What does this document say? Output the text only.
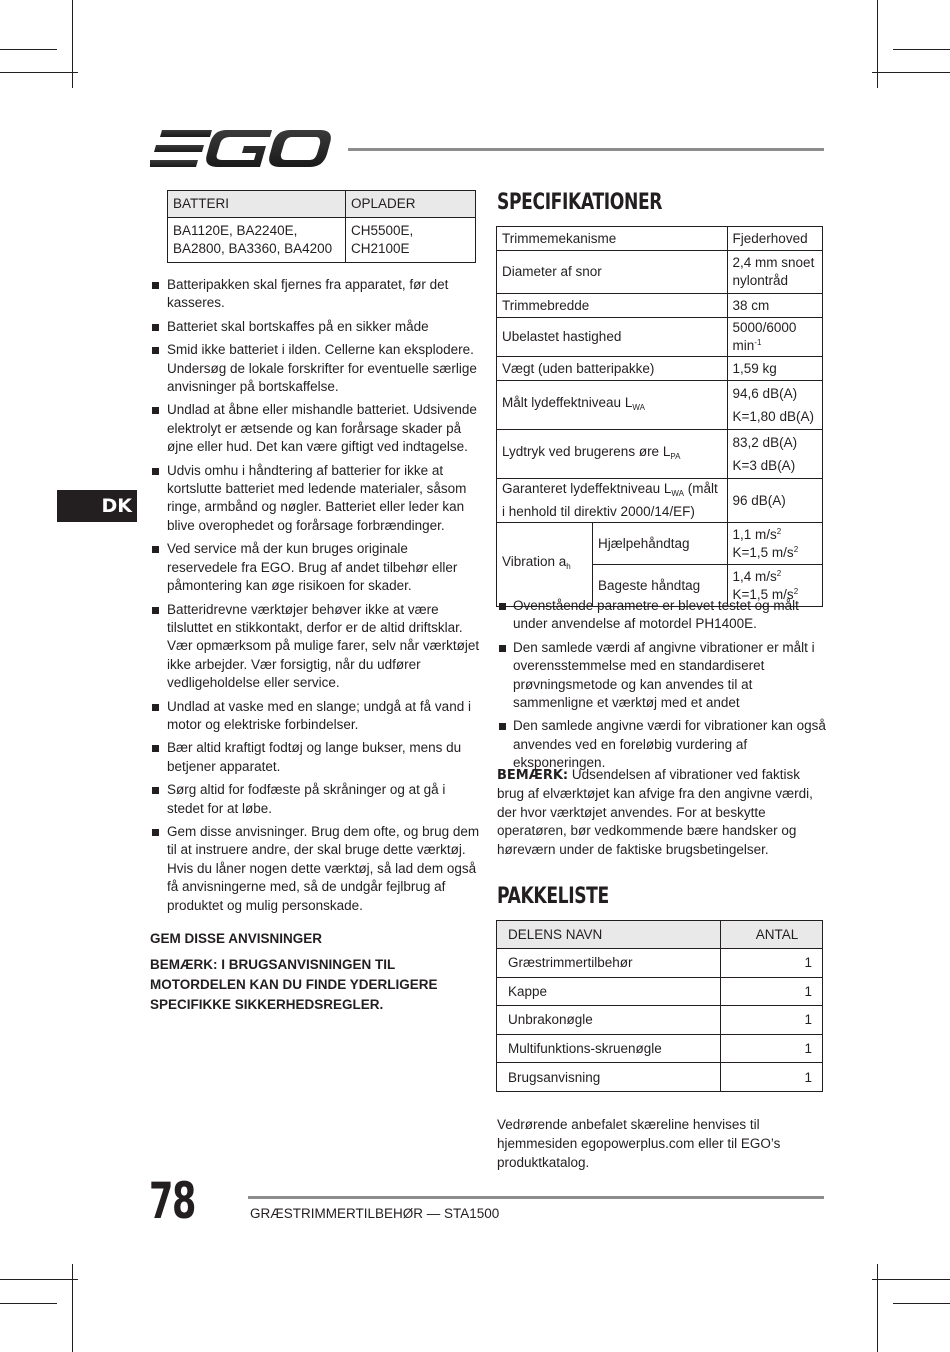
DK
BATTERI	OPLADER
BA1120E, BA2240E, BA2800, BA3360, BA4200	CH5500E, CH2100E
Batteripakken skal fjernes fra apparatet, før det kasseres.
Batteriet skal bortskaffes på en sikker måde
Smid ikke batteriet i ilden. Cellerne kan eksplodere. Undersøg de lokale forskrifter for eventuelle særlige anvisninger på bortskaffelse.
Undlad at åbne eller mishandle batteriet. Udsivende elektrolyt er ætsende og kan forårsage skader på øjne eller hud. Det kan være giftigt ved indtagelse.
Udvis omhu i håndtering af batterier for ikke at kortslutte batteriet med ledende materialer, såsom ringe, armbånd og nøgler. Batteriet eller leder kan blive overophedet og forårsage forbrændinger.
Ved service må der kun bruges originale reservedele fra EGO. Brug af andet tilbehør eller påmontering kan øge risikoen for skader.
Batteridrevne værktøjer behøver ikke at være tilsluttet en stikkontakt, derfor er de altid driftsklar. Vær opmærksom på mulige farer, selv når værktøjet ikke arbejder. Vær forsigtig, når du udfører vedligeholdelse eller service.
Undlad at vaske med en slange; undgå at få vand i motor og elektriske forbindelser.
Bær altid kraftigt fodtøj og lange bukser, mens du betjener apparatet.
Sørg altid for fodfæste på skråninger og at gå i stedet for at løbe.
Gem disse anvisninger. Brug dem ofte, og brug dem til at instruere andre, der skal bruge dette værktøj. Hvis du låner nogen dette værktøj, så lad dem også få anvisningerne med, så de undgår fejlbrug af produktet og mulig personskade.
GEM DISSE ANVISNINGER
BEMÆRK: I BRUGSANVISNINGEN TIL MOTORDELEN KAN DU FINDE YDERLIGERE SPECIFIKKE SIKKERHEDSREGLER.
SPECIFIKATIONER
Trimmemekanisme		Fjederhoved
Diameter af snor		2,4 mm snoet nylontråd
Trimmebredde		38 cm
Ubelastet hastighed		5000/6000 $\min^{-1}$
Vægt (uden batteripakke)		1,59 kg
Målt lydeffektniveau $L_{WA}$		94,6 dB(A)
K=1,80 dB(A)
Lydtryk ved brugerens øre $L_{PA}$		83,2 dB(A)
K=3 dB(A)
Garanteret lydeffektniveau $L_{WA}$ (målt i henhold til direktiv 2000/14/EF)		96 dB(A)
Vibration $a_h$	Hjælpehåndtag	1,1 $m/s^2$
K=1,5 $m/s^2$
	Bageste håndtag	1,4 $m/s^2$
K=1,5 $m/s^2$
Ovenstående parametre er blevet testet og målt under anvendelse af motordel PH1400E.
Den samlede værdi af angivne vibrationer er målt i overensstemmelse med en standardiseret prøvningsmetode og kan anvendes til at sammenligne et værktøj med et andet
Den samlede angivne værdi for vibrationer kan også anvendes ved en foreløbig vurdering af eksponeringen.
BEMÆRK: Udsendelsen af vibrationer ved faktisk brug af elværktøjet kan afvige fra den angivne værdi, der hvor værktøjet anvendes. For at beskytte operatøren, bør vedkommende bære handsker og høreværn under de faktiske brugsbetingelser.
PAKKELISTE
DELENS NAVN	ANTAL
Græstrimmertilbehør	1
Kappe	1
Unbrakonøgle	1
Multifunktions-skruenøgle	1
Brugsanvisning	1
Vedrørende anbefalet skæreline henvises til hjemmesiden egopowerplus.com eller til EGO’s produktkatalog.
78	GRÆSTRIMMERTILBEHØR — STA1500
